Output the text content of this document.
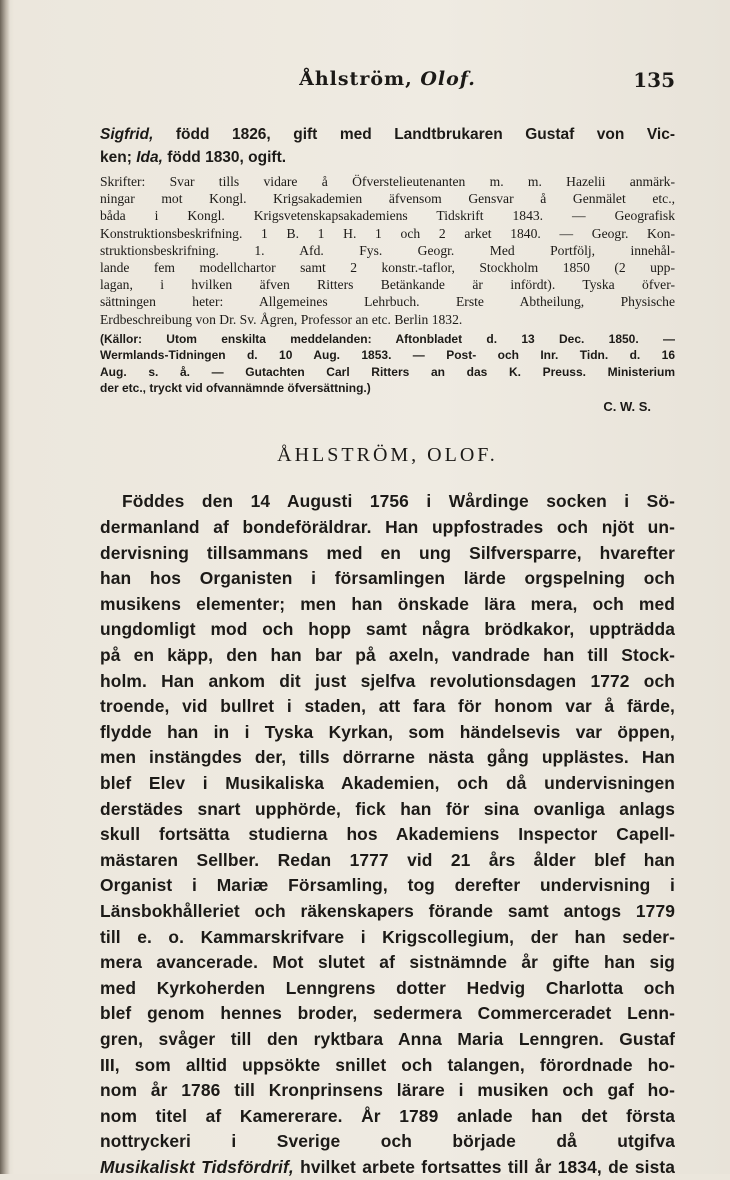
Åhlström, Olof.	135
Sigfrid, född 1826, gift med Landtbrukaren Gustaf von Vic-
ken; Ida, född 1830, ogift.
Skrifter: Svar tills vidare å Öfverstelieutenanten m. m. Hazelii anmärk-
ningar mot Kongl. Krigsakademien äfvensom Gensvar å Genmälet etc.,
båda i Kongl. Krigsvetenskapsakademiens Tidskrift 1843. — Geografisk
Konstruktionsbeskrifning. 1 B. 1 H. 1 och 2 arket 1840. — Geogr. Kon-
struktionsbeskrifning. 1. Afd. Fys. Geogr. Med Portfölj, innehål-
lande fem modellchartor samt 2 konstr.-taflor, Stockholm 1850 (2 upp-
lagan, i hvilken äfven Ritters Betänkande är infördt). Tyska öfver-
sättningen heter: Allgemeines Lehrbuch. Erste Abtheilung, Physische
Erdbeschreibung von Dr. Sv. Ågren, Professor an etc. Berlin 1832.
(Källor: Utom enskilta meddelanden: Aftonbladet d. 13 Dec. 1850. —
Wermlands-Tidningen d. 10 Aug. 1853. — Post- och Inr. Tidn. d. 16
Aug. s. å. — Gutachten Carl Ritters an das K. Preuss. Ministerium
der etc., tryckt vid ofvannämnde öfversättning.)
C. W. S.
ÅHLSTRÖM, OLOF.
Föddes den 14 Augusti 1756 i Wårdinge socken i Sö-
dermanland af bondeföräldrar. Han uppfostrades och njöt un-
dervisning tillsammans med en ung Silfversparre, hvarefter
han hos Organisten i församlingen lärde orgspelning och
musikens elementer; men han önskade lära mera, och med
ungdomligt mod och hopp samt några brödkakor, uppträdda
på en käpp, den han bar på axeln, vandrade han till Stock-
holm. Han ankom dit just sjelfva revolutionsdagen 1772 och
troende, vid bullret i staden, att fara för honom var å färde,
flydde han in i Tyska Kyrkan, som händelsevis var öppen,
men instängdes der, tills dörrarne nästa gång upplästes. Han
blef Elev i Musikaliska Akademien, och då undervisningen
derstädes snart upphörde, fick han för sina ovanliga anlags
skull fortsätta studierna hos Akademiens Inspector Capell-
mästaren Sellber. Redan 1777 vid 21 års ålder blef han
Organist i Mariæ Församling, tog derefter undervisning i
Länsbokhålleriet och räkenskapers förande samt antogs 1779
till e. o. Kammarskrifvare i Krigscollegium, der han seder-
mera avancerade. Mot slutet af sistnämnde år gifte han sig
med Kyrkoherden Lenngrens dotter Hedvig Charlotta och
blef genom hennes broder, sedermera Commerceradet Lenn-
gren, svåger till den ryktbara Anna Maria Lenngren. Gustaf
III, som alltid uppsökte snillet och talangen, förordnade ho-
nom år 1786 till Kronprinsens lärare i musiken och gaf ho-
nom titel af Kamererare. År 1789 anlade han det första
nottryckeri i Sverige och började då utgifva
Musikaliskt Tidsfördrif, hvilket arbete fortsattes till år 1834, de sista
